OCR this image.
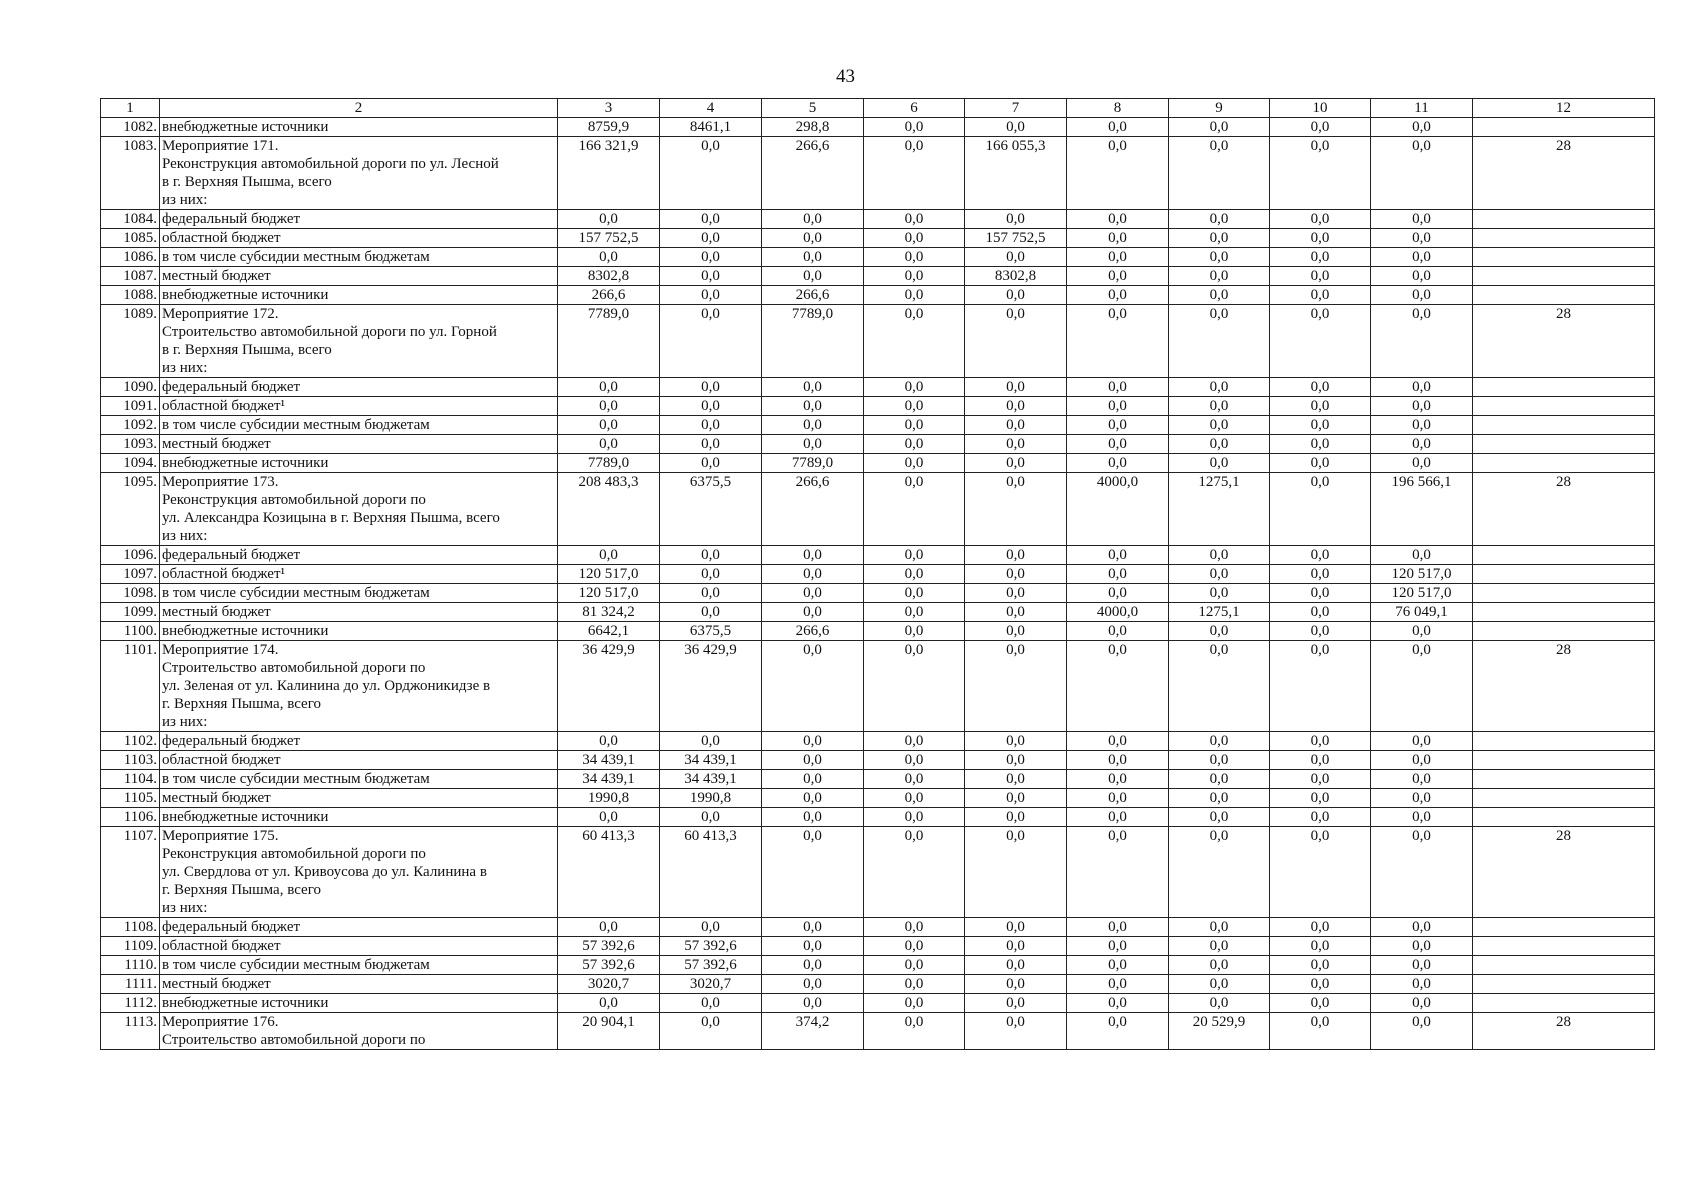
43
1	2	3	4	5	6	7	8	9	10	11	12
1082.	внебюджетные источники	8759,9	8461,1	298,8	0,0	0,0	0,0	0,0	0,0	0,0	
1083.	Мероприятие 171.
Реконструкция автомобильной дороги по ул. Лесной
в г. Верхняя Пышма, всего
из них:	166 321,9	0,0	266,6	0,0	166 055,3	0,0	0,0	0,0	0,0	28
1084.	федеральный бюджет	0,0	0,0	0,0	0,0	0,0	0,0	0,0	0,0	0,0	
1085.	областной бюджет	157 752,5	0,0	0,0	0,0	157 752,5	0,0	0,0	0,0	0,0	
1086.	в том числе субсидии местным бюджетам	0,0	0,0	0,0	0,0	0,0	0,0	0,0	0,0	0,0	
1087.	местный бюджет	8302,8	0,0	0,0	0,0	8302,8	0,0	0,0	0,0	0,0	
1088.	внебюджетные источники	266,6	0,0	266,6	0,0	0,0	0,0	0,0	0,0	0,0	
1089.	Мероприятие 172.
Строительство автомобильной дороги по ул. Горной
в г. Верхняя Пышма, всего
из них:	7789,0	0,0	7789,0	0,0	0,0	0,0	0,0	0,0	0,0	28
1090.	федеральный бюджет	0,0	0,0	0,0	0,0	0,0	0,0	0,0	0,0	0,0	
1091.	областной бюджет¹	0,0	0,0	0,0	0,0	0,0	0,0	0,0	0,0	0,0	
1092.	в том числе субсидии местным бюджетам	0,0	0,0	0,0	0,0	0,0	0,0	0,0	0,0	0,0	
1093.	местный бюджет	0,0	0,0	0,0	0,0	0,0	0,0	0,0	0,0	0,0	
1094.	внебюджетные источники	7789,0	0,0	7789,0	0,0	0,0	0,0	0,0	0,0	0,0	
1095.	Мероприятие 173.
Реконструкция автомобильной дороги по
ул. Александра Козицына в г. Верхняя Пышма, всего
из них:	208 483,3	6375,5	266,6	0,0	0,0	4000,0	1275,1	0,0	196 566,1	28
1096.	федеральный бюджет	0,0	0,0	0,0	0,0	0,0	0,0	0,0	0,0	0,0	
1097.	областной бюджет¹	120 517,0	0,0	0,0	0,0	0,0	0,0	0,0	0,0	120 517,0	
1098.	в том числе субсидии местным бюджетам	120 517,0	0,0	0,0	0,0	0,0	0,0	0,0	0,0	120 517,0	
1099.	местный бюджет	81 324,2	0,0	0,0	0,0	0,0	4000,0	1275,1	0,0	76 049,1	
1100.	внебюджетные источники	6642,1	6375,5	266,6	0,0	0,0	0,0	0,0	0,0	0,0	
1101.	Мероприятие 174.
Строительство автомобильной дороги по
ул. Зеленая от ул. Калинина до ул. Орджоникидзе в
г. Верхняя Пышма, всего
из них:	36 429,9	36 429,9	0,0	0,0	0,0	0,0	0,0	0,0	0,0	28
1102.	федеральный бюджет	0,0	0,0	0,0	0,0	0,0	0,0	0,0	0,0	0,0	
1103.	областной бюджет	34 439,1	34 439,1	0,0	0,0	0,0	0,0	0,0	0,0	0,0	
1104.	в том числе субсидии местным бюджетам	34 439,1	34 439,1	0,0	0,0	0,0	0,0	0,0	0,0	0,0	
1105.	местный бюджет	1990,8	1990,8	0,0	0,0	0,0	0,0	0,0	0,0	0,0	
1106.	внебюджетные источники	0,0	0,0	0,0	0,0	0,0	0,0	0,0	0,0	0,0	
1107.	Мероприятие 175.
Реконструкция автомобильной дороги по
ул. Свердлова от ул. Кривоусова до ул. Калинина в
г. Верхняя Пышма, всего
из них:	60 413,3	60 413,3	0,0	0,0	0,0	0,0	0,0	0,0	0,0	28
1108.	федеральный бюджет	0,0	0,0	0,0	0,0	0,0	0,0	0,0	0,0	0,0	
1109.	областной бюджет	57 392,6	57 392,6	0,0	0,0	0,0	0,0	0,0	0,0	0,0	
1110.	в том числе субсидии местным бюджетам	57 392,6	57 392,6	0,0	0,0	0,0	0,0	0,0	0,0	0,0	
1111.	местный бюджет	3020,7	3020,7	0,0	0,0	0,0	0,0	0,0	0,0	0,0	
1112.	внебюджетные источники	0,0	0,0	0,0	0,0	0,0	0,0	0,0	0,0	0,0	
1113.	Мероприятие 176.
Строительство автомобильной дороги по	20 904,1	0,0	374,2	0,0	0,0	0,0	20 529,9	0,0	0,0	28
